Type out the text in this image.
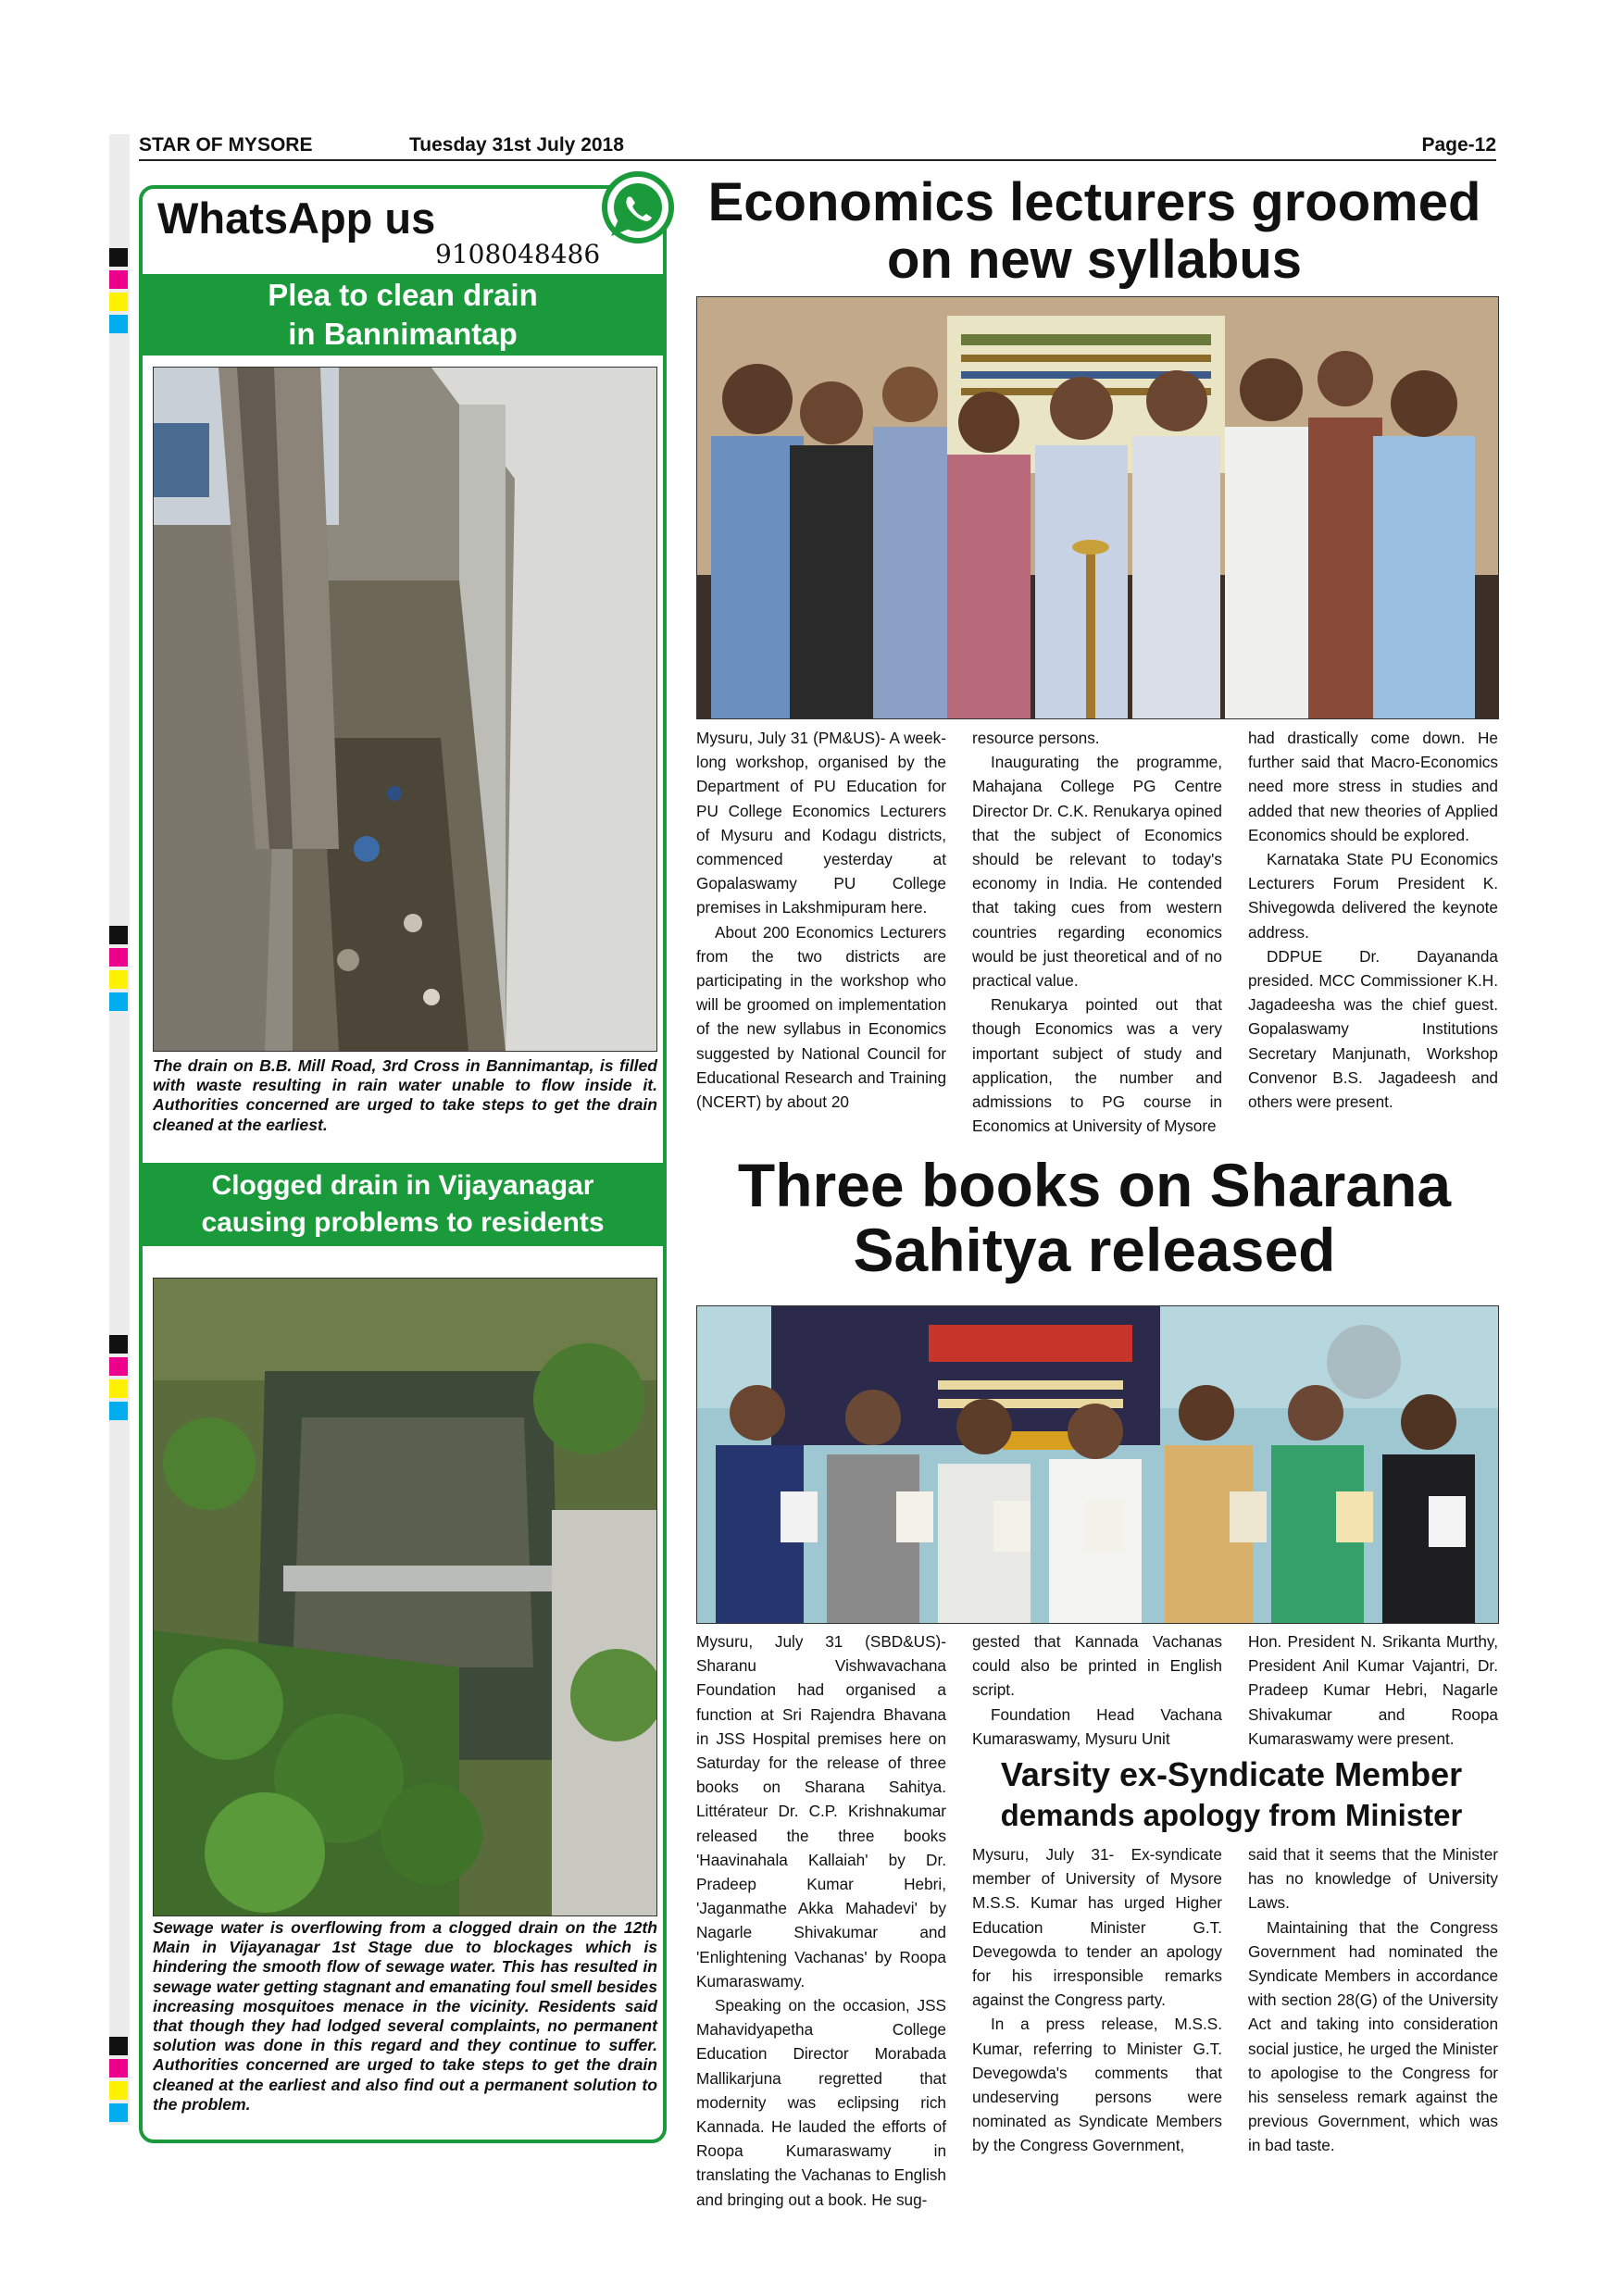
STAR OF MYSORE	Tuesday 31st July 2018	Page-12
WhatsApp us
9108048486
Plea to clean drain
in Bannimantap
The drain on B.B. Mill Road, 3rd Cross in Bannimantap, is filled with waste resulting in rain water unable to flow inside it. Authorities concerned are urged to take steps to get the drain cleaned at the earliest.
Clogged drain in Vijayanagar
causing problems to residents
Sewage water is overflowing from a clogged drain on the 12th Main in Vijayanagar 1st Stage due to blockages which is hindering the smooth flow of sewage water. This has resulted in sewage water getting stagnant and emanating foul smell besides increasing mosquitoes menace in the vicinity. Residents said that though they had lodged several complaints, no permanent solution was done in this regard and they continue to suffer. Authorities concerned are urged to take steps to get the drain cleaned at the earliest and also find out a permanent solution to the problem.
Economics lecturers groomed
on new syllabus

Mysuru, July 31 (PM&US)- A week-long workshop, organised by the Department of PU Education for PU College Economics Lecturers of Mysuru and Kodagu districts, commenced yesterday at Gopalaswamy PU College premises in Lakshmipuram here.

About 200 Economics Lecturers from the two districts are participating in the workshop who will be groomed on implementation of the new syllabus in Economics suggested by National Council for Educational Research and Training (NCERT) by about 20

resource persons.

Inaugurating the programme, Mahajana College PG Centre Director Dr. C.K. Renukarya opined that the subject of Economics should be relevant to today's economy in India. He contended that taking cues from western countries regarding economics would be just theoretical and of no practical value.

Renukarya pointed out that though Economics was a very important subject of study and application, the number and admissions to PG course in Economics at University of Mysore

had drastically come down. He further said that Macro-Economics need more stress in studies and added that new theories of Applied Economics should be explored.

Karnataka State PU Economics Lecturers Forum President K. Shivegowda delivered the keynote address.

DDPUE Dr. Dayananda presided. MCC Commissioner K.H. Jagadeesha was the chief guest. Gopalaswamy Institutions Secretary Manjunath, Workshop Convenor B.S. Jagadeesh and others were present.

Three books on Sharana
Sahitya released

Mysuru, July 31 (SBD&US)- Sharanu Vishwavachana Foundation had organised a function at Sri Rajendra Bhavana in JSS Hospital premises here on Saturday for the release of three books on Sharana Sahitya. Littérateur Dr. C.P. Krishnakumar released the three books 'Haavinahala Kallaiah' by Dr. Pradeep Kumar Hebri, 'Jaganmathe Akka Mahadevi' by Nagarle Shivakumar and 'Enlightening Vachanas' by Roopa Kumaraswamy.

Speaking on the occasion, JSS Mahavidyapetha College Education Director Morabada Mallikarjuna regretted that modernity was eclipsing rich Kannada. He lauded the efforts of Roopa Kumaraswamy in translating the Vachanas to English and bringing out a book. He sug-

gested that Kannada Vachanas could also be printed in English script.

Foundation Head Vachana Kumaraswamy, Mysuru Unit

Hon. President N. Srikanta Murthy, President Anil Kumar Vajantri, Dr. Pradeep Kumar Hebri, Nagarle Shivakumar and Roopa Kumaraswamy were present.

Varsity ex-Syndicate Member
demands apology from Minister

Mysuru, July 31- Ex-syndicate member of University of Mysore M.S.S. Kumar has urged Higher Education Minister G.T. Devegowda to tender an apology for his irresponsible remarks against the Congress party.

In a press release, M.S.S. Kumar, referring to Minister G.T. Devegowda's comments that undeserving persons were nominated as Syndicate Members by the Congress Government,

said that it seems that the Minister has no knowledge of University Laws.

Maintaining that the Congress Government had nominated the Syndicate Members in accordance with section 28(G) of the University Act and taking into consideration social justice, he urged the Minister to apologise to the Congress for his senseless remark against the previous Government, which was in bad taste.
